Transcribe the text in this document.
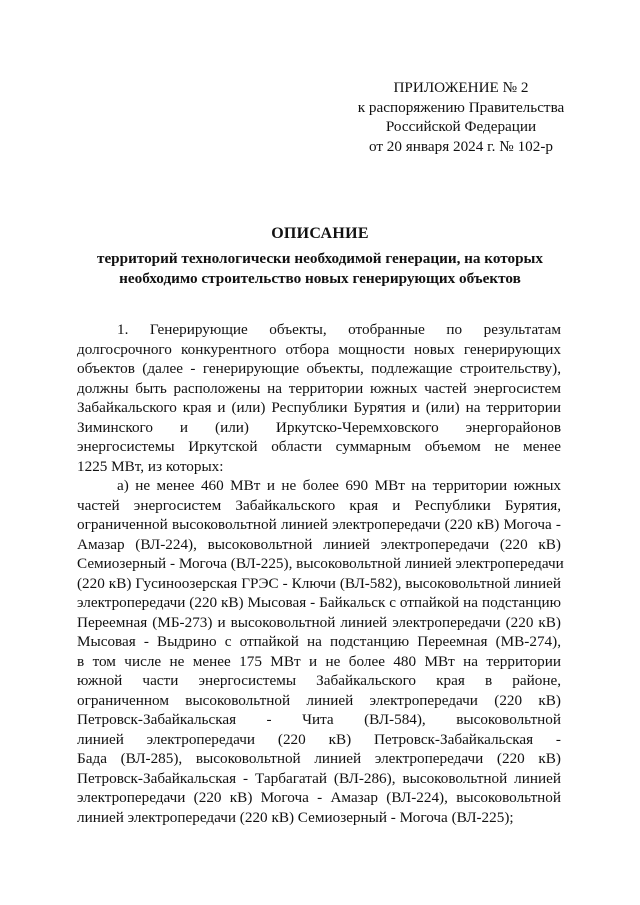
ПРИЛОЖЕНИЕ № 2
к распоряжению Правительства
Российской Федерации
от 20 января 2024 г. № 102-р
ОПИСАНИЕ
территорий технологически необходимой генерации, на которых
необходимо строительство новых генерирующих объектов
1. Генерирующие объекты, отобранные по результатам
долгосрочного конкурентного отбора мощности новых генерирующих
объектов (далее - генерирующие объекты, подлежащие строительству),
должны быть расположены на территории южных частей энергосистем
Забайкальского края и (или) Республики Бурятия и (или) на территории
Зиминского и (или) Иркутско-Черемховского энергорайонов
энергосистемы Иркутской области суммарным объемом не менее
1225 МВт, из которых:
а) не менее 460 МВт и не более 690 МВт на территории южных
частей энергосистем Забайкальского края и Республики Бурятия,
ограниченной высоковольтной линией электропередачи (220 кВ) Могоча -
Амазар (ВЛ-224), высоковольтной линией электропередачи (220 кВ)
Семиозерный - Могоча (ВЛ-225), высоковольтной линией электропередачи
(220 кВ) Гусиноозерская ГРЭС - Ключи (ВЛ-582), высоковольтной линией
электропередачи (220 кВ) Мысовая - Байкальск с отпайкой на подстанцию
Переемная (МБ-273) и высоковольтной линией электропередачи (220 кВ)
Мысовая - Выдрино с отпайкой на подстанцию Переемная (МВ-274),
в том числе не менее 175 МВт и не более 480 МВт на территории
южной части энергосистемы Забайкальского края в районе,
ограниченном высоковольтной линией электропередачи (220 кВ)
Петровск-Забайкальская - Чита (ВЛ-584), высоковольтной
линией электропередачи (220 кВ) Петровск-Забайкальская -
Бада (ВЛ-285), высоковольтной линией электропередачи (220 кВ)
Петровск-Забайкальская - Тарбагатай (ВЛ-286), высоковольтной линией
электропередачи (220 кВ) Могоча - Амазар (ВЛ-224), высоковольтной
линией электропередачи (220 кВ) Семиозерный - Могоча (ВЛ-225);
